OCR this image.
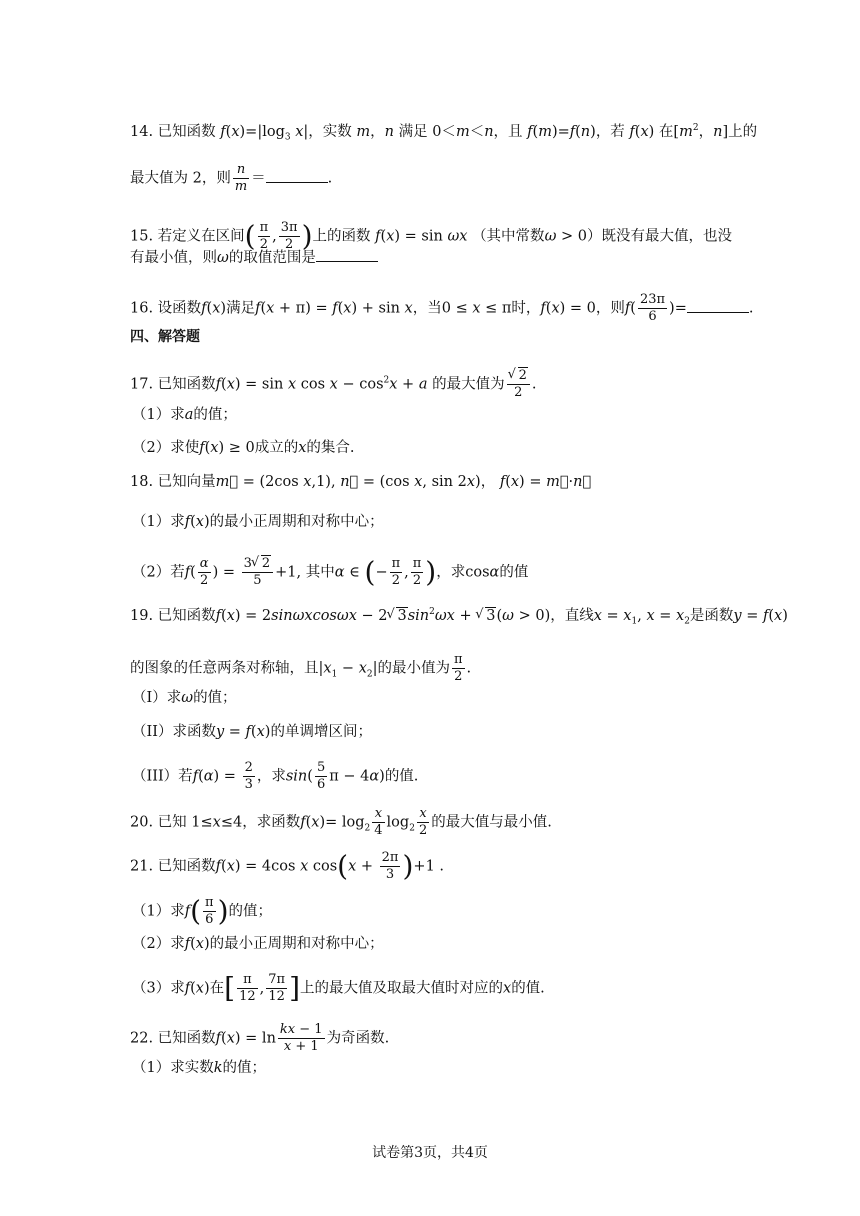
14. 已知函数 $f(x)=|\log_3$ x|，实数 m，n 满足 0＜m＜n，且 f(m)=f(n)，若 f(x) 在[$m^2$，n]上的
最大值为 2，则 $\frac{n}{m}$ ＝	.
15. 若定义在区间( $\frac{\pi}{2}$ , $\frac{3\pi}{2}$ )上的函数 f(x) = sin ωx （其中常数ω > 0）既没有最大值，也没
有最小值，则ω的取值范围是
16. 设函数f(x)满足f(x + π) = f(x) + sin x，当0 ≤ x ≤ π时，f(x) = 0，则$f( \frac{23\pi}{6}$ )=	.
四、解答题
17. 已知函数f(x) = sin x $\cos x - \cos^2x + a$ 的最大值为 √ $\frac{2}{2}$ .
（1）求a的值；
（2）求使f(x) ≥ 0成立的x的集合.
18. 已知向量m⃗ = (2cos x,1), n⃗ = (cos x, sin 2x)， f(x) = m⃗·n⃗
（1）求f(x)的最小正周期和对称中心；
（2）若$f( \frac{\alpha}{2}$ ) = $\frac{3 √ 2}{5} +1$, 其中α ∈ (− $\frac{\pi}{2}$ , $\frac{\pi}{2}$ )，求cosα的值
19. 已知函数f(x) = 2sinωxcosωx − 2 √ $3\sin^2\omega x$ + √ 3(ω > 0)，直线$x = x_1$, $x = x_2$是函数y = f(x)
的图象的任意两条对称轴，且$|x_1 - x_2|$的最小值为 $\frac{\pi}{2}$ .
（I）求ω的值；
（II）求函数y = f(x)的单调增区间；
（III）若$f(\alpha) = \frac{2}{3}$ ，求$\sin( \frac{5}{6}$ π − 4α)的值.
20. 已知 1≤x≤4，求函数$f(x)= \log_2 \frac{x}{4} \log_2 \frac{x}{2}$ 的最大值与最小值.
21. 已知函数f(x) = 4cos x $\cos(x + \frac{2\pi}{3} )+1$ .
（1）求$f( \frac{\pi}{6}$ )的值；
（2）求f(x)的最小正周期和对称中心；
（3）求f(x)在[ $\frac{\pi}{12}$ , $\frac{7\pi}{12}$ ]上的最大值及取最大值时对应的x的值.
22. 已知函数$f(x) = \ln \frac{kx - 1}{x + 1}$ 为奇函数.
（1）求实数k的值；
试卷第3页，共4页
